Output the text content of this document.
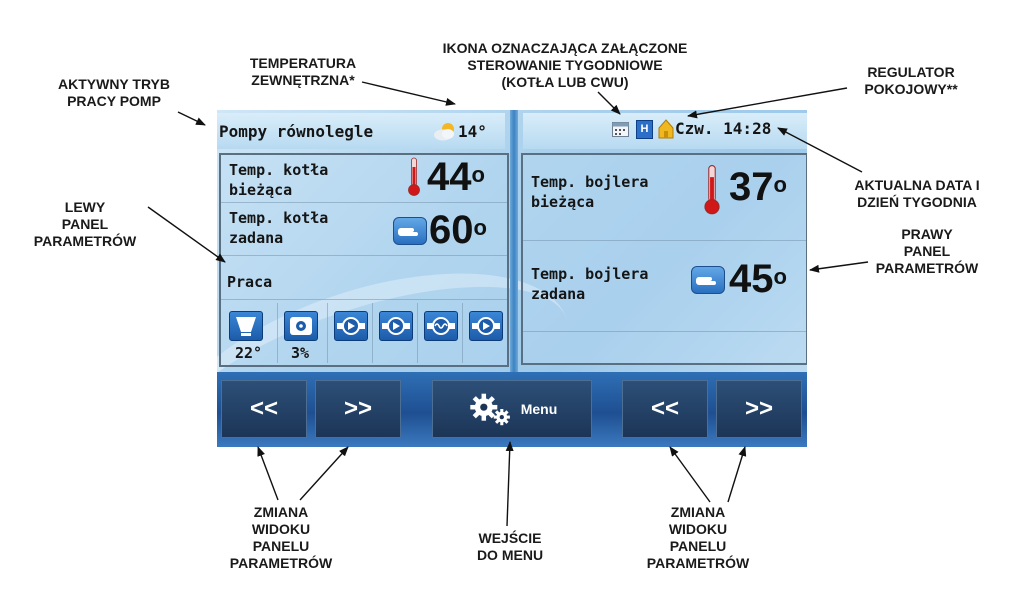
AKTYWNY TRYB
PRACY POMP
TEMPERATURA
ZEWNĘTRZNA*
IKONA OZNACZAJĄCA ZAŁĄCZONE
STEROWANIE TYGODNIOWE
(KOTŁA LUB CWU)
REGULATOR
POKOJOWY**
LEWY
PANEL
PARAMETRÓW
AKTUALNA DATA I
DZIEŃ TYGODNIA
PRAWY
PANEL
PARAMETRÓW
ZMIANA
WIDOKU
PANELU
PARAMETRÓW
WEJŚCIE
DO MENU
ZMIANA
WIDOKU
PANELU
PARAMETRÓW
Pompy równolegle	14°	H Czw. 14:28
Temp. kotła
bieżąca	44$^o$
Temp. kotła
zadana	60$^o$
Praca
22° 3%
Temp. bojlera
bieżąca	37$^o$
Temp. bojlera
zadana	$45^o$
<<	>>	Menu	<<	>>
